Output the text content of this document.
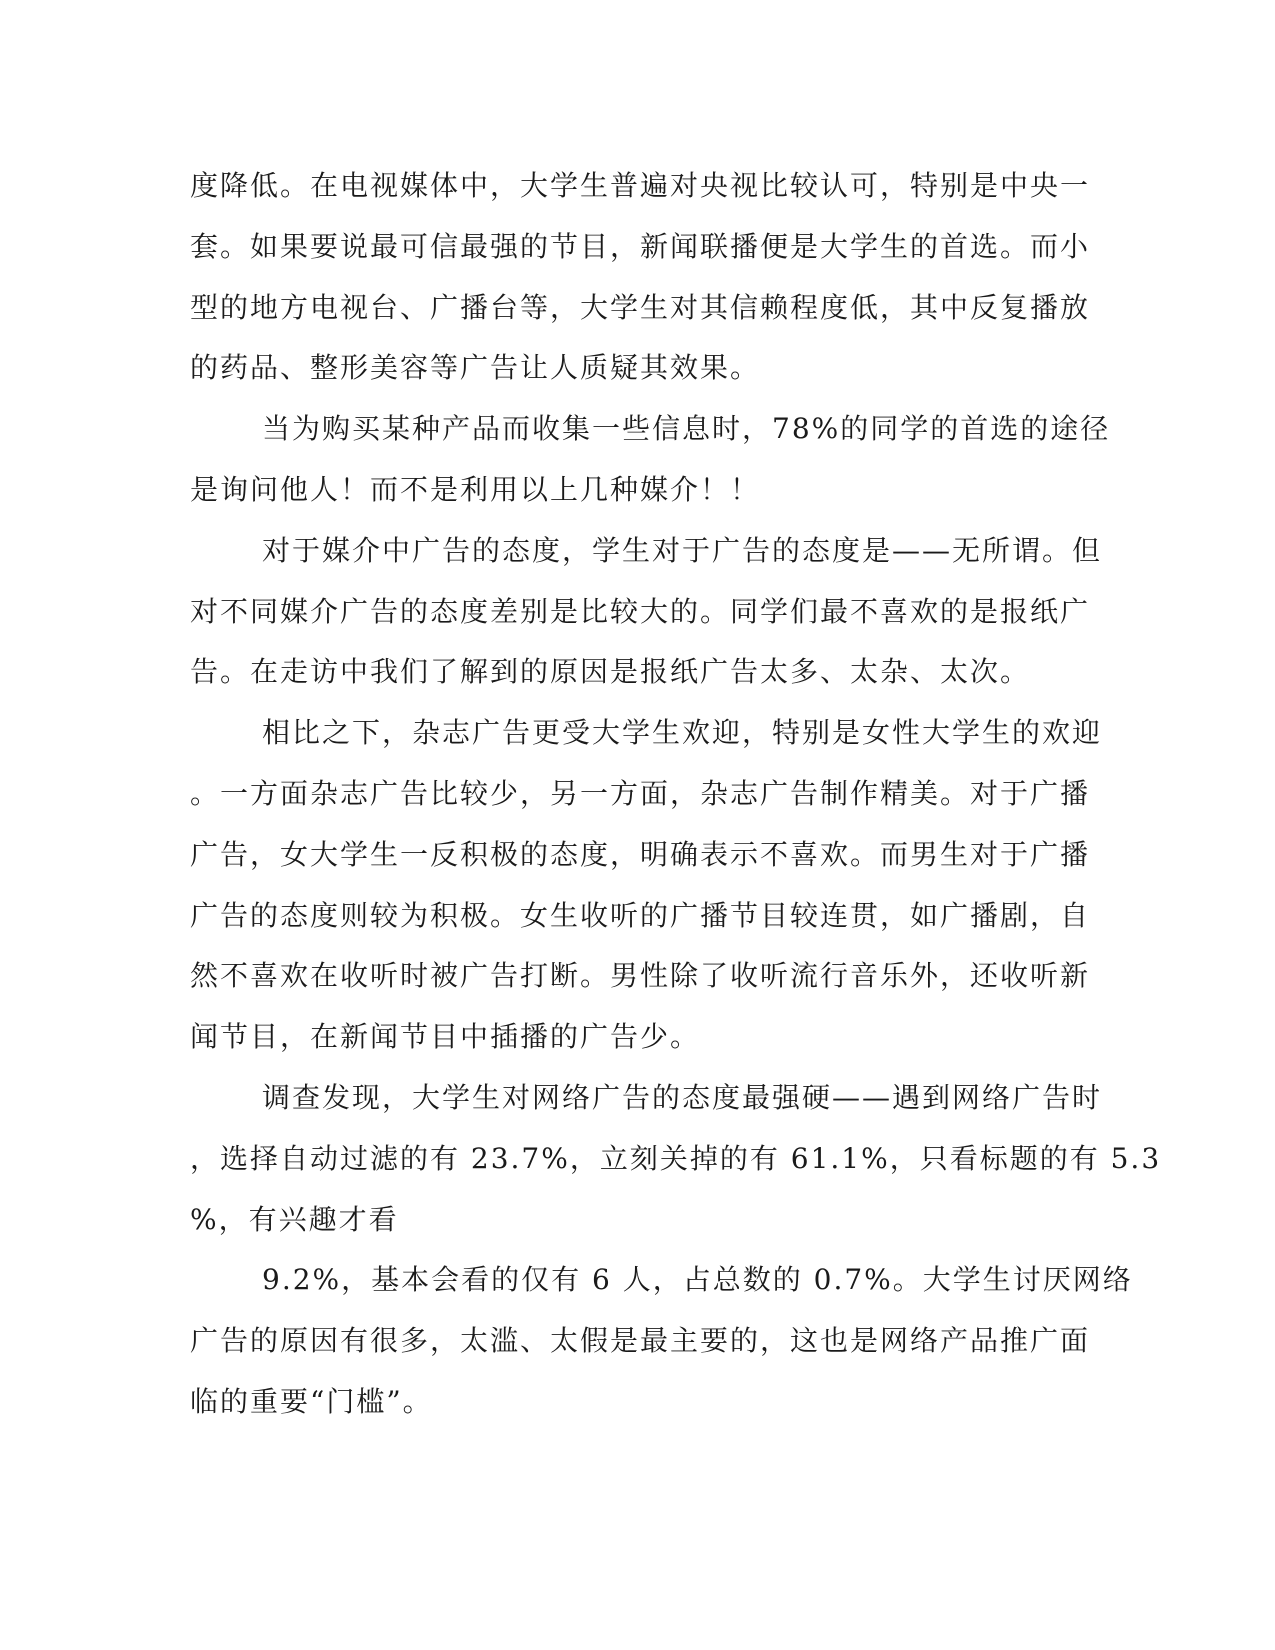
度降低。在电视媒体中，大学生普遍对央视比较认可，特别是中央一
套。如果要说最可信最强的节目，新闻联播便是大学生的首选。而小
型的地方电视台、广播台等，大学生对其信赖程度低，其中反复播放
的药品、整形美容等广告让人质疑其效果。
当为购买某种产品而收集一些信息时，78%的同学的首选的途径
是询问他人！而不是利用以上几种媒介！！
对于媒介中广告的态度，学生对于广告的态度是——无所谓。但
对不同媒介广告的态度差别是比较大的。同学们最不喜欢的是报纸广
告。在走访中我们了解到的原因是报纸广告太多、太杂、太次。
相比之下，杂志广告更受大学生欢迎，特别是女性大学生的欢迎
。一方面杂志广告比较少，另一方面，杂志广告制作精美。对于广播
广告，女大学生一反积极的态度，明确表示不喜欢。而男生对于广播
广告的态度则较为积极。女生收听的广播节目较连贯，如广播剧，自
然不喜欢在收听时被广告打断。男性除了收听流行音乐外，还收听新
闻节目，在新闻节目中插播的广告少。
调查发现，大学生对网络广告的态度最强硬——遇到网络广告时
，选择自动过滤的有 23.7%，立刻关掉的有 61.1%，只看标题的有 5.3
%，有兴趣才看
9.2%，基本会看的仅有 6 人，占总数的 0.7%。大学生讨厌网络
广告的原因有很多，太滥、太假是最主要的，这也是网络产品推广面
临的重要“门槛”。
